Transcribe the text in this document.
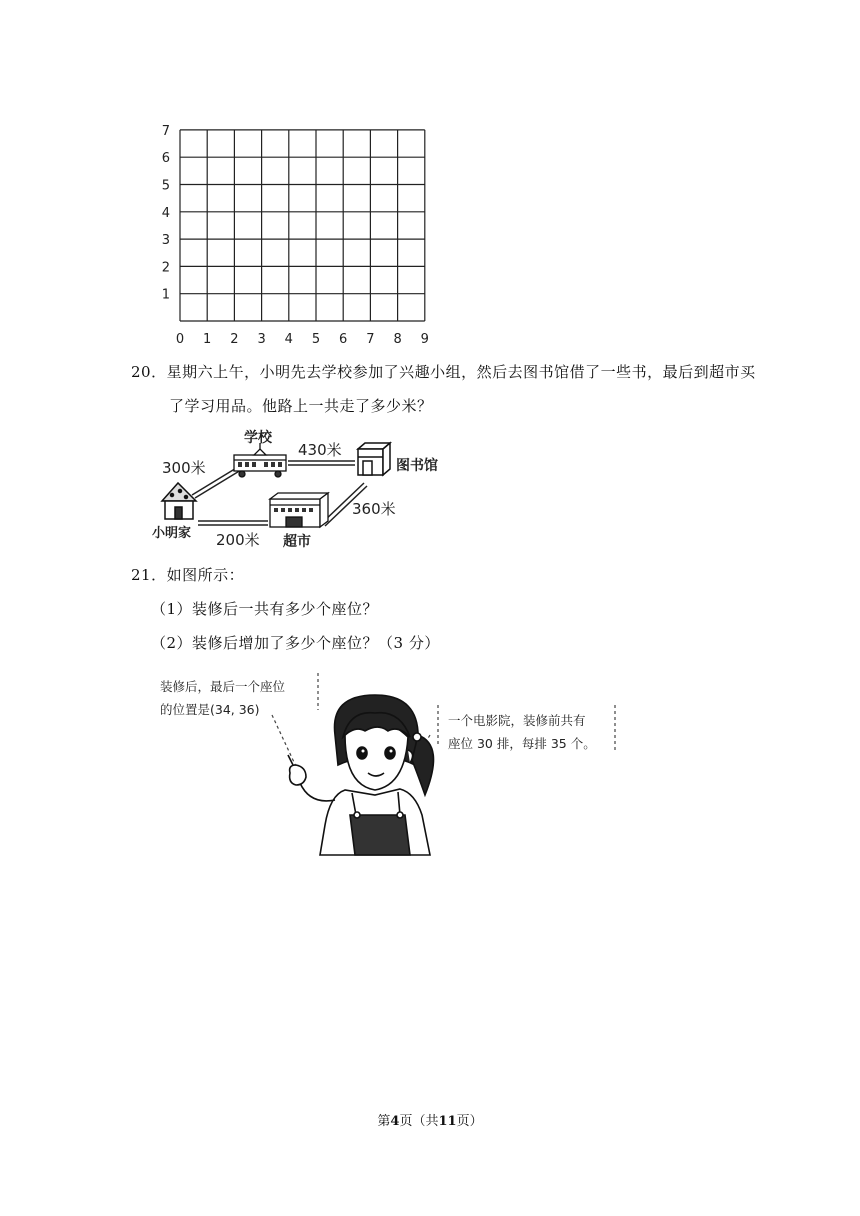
0 1 2 3 4 5 6 7 8 9
1
2
3
4
5
6
7
20．星期六上午，小明先去学校参加了兴趣小组，然后去图书馆借了一些书，最后到超市买
了学习用品。他路上一共走了多少米？
学校
图书馆
小明家
超市
300米
430米
360米
200米
21．如图所示：
（1）装修后一共有多少个座位？
（2）装修后增加了多少个座位？（3 分）
装修后，最后一个座位
的位置是(34, 36)
一个电影院，装修前共有
座位 30 排，每排 35 个。
第4页（共11页）
